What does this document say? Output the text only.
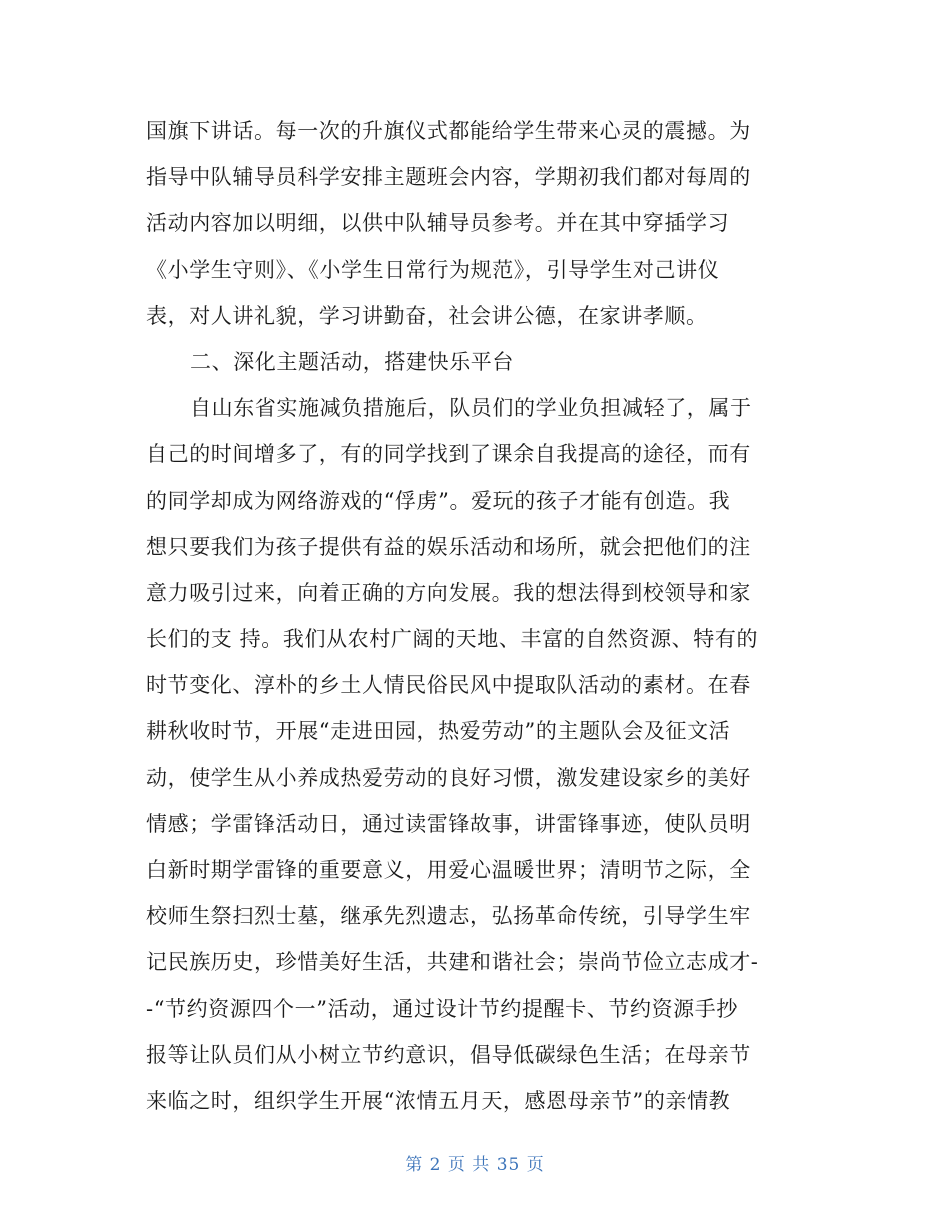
国旗下讲话。每一次的升旗仪式都能给学生带来心灵的震撼。为
指导中队辅导员科学安排主题班会内容，学期初我们都对每周的
活动内容加以明细，以供中队辅导员参考。并在其中穿插学习
《小学生守则》、《小学生日常行为规范》，引导学生对己讲仪
表，对人讲礼貌，学习讲勤奋，社会讲公德，在家讲孝顺。
二、深化主题活动，搭建快乐平台
自山东省实施减负措施后，队员们的学业负担减轻了，属于
自己的时间增多了，有的同学找到了课余自我提高的途径，而有
的同学却成为网络游戏的“俘虏”。爱玩的孩子才能有创造。我
想只要我们为孩子提供有益的娱乐活动和场所，就会把他们的注
意力吸引过来，向着正确的方向发展。我的想法得到校领导和家
长们的支 持。我们从农村广阔的天地、丰富的自然资源、特有的
时节变化、淳朴的乡土人情民俗民风中提取队活动的素材。在春
耕秋收时节，开展“走进田园，热爱劳动”的主题队会及征文活
动，使学生从小养成热爱劳动的良好习惯，激发建设家乡的美好
情感；学雷锋活动日，通过读雷锋故事，讲雷锋事迹，使队员明
白新时期学雷锋的重要意义，用爱心温暖世界；清明节之际，全
校师生祭扫烈士墓，继承先烈遗志，弘扬革命传统，引导学生牢
记民族历史，珍惜美好生活，共建和谐社会；崇尚节俭立志成才-
-“节约资源四个一”活动，通过设计节约提醒卡、节约资源手抄
报等让队员们从小树立节约意识，倡导低碳绿色生活；在母亲节
来临之时，组织学生开展“浓情五月天，感恩母亲节”的亲情教
第 2 页 共 35 页
